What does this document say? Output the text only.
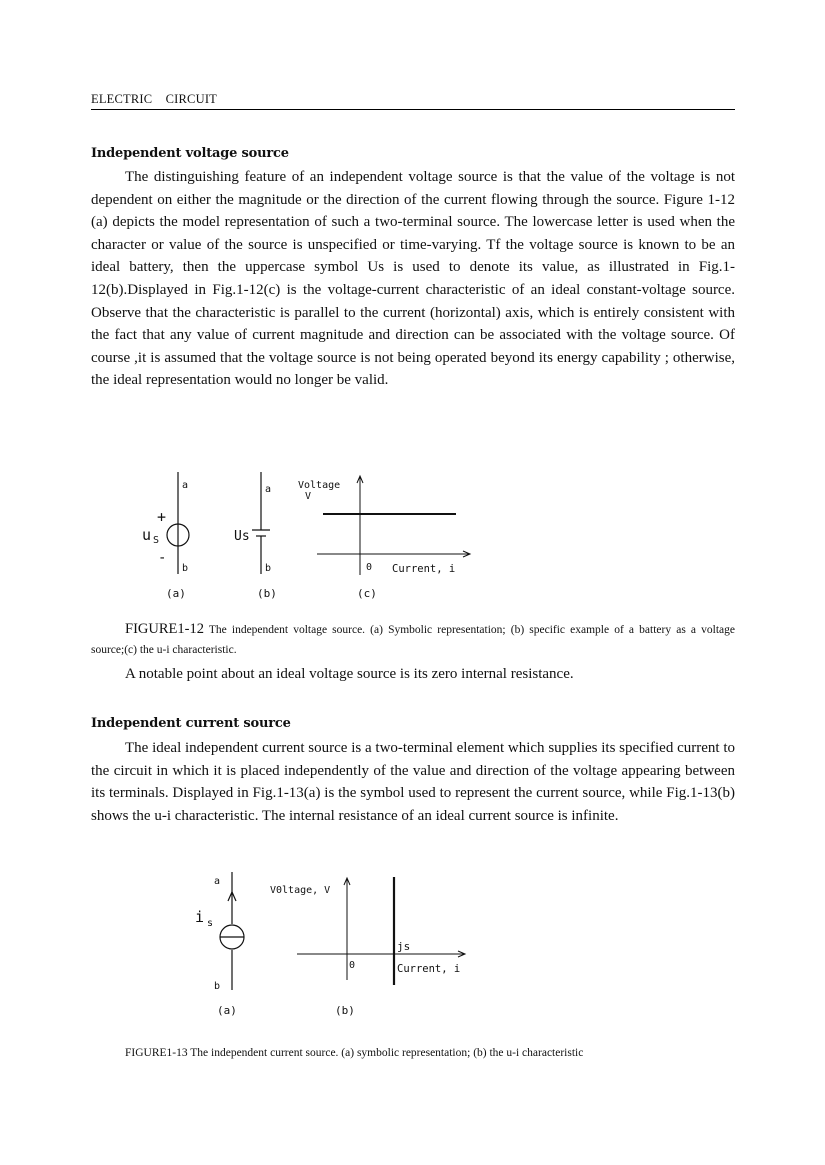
ELECTRIC    CIRCUIT
Independent voltage source
The distinguishing feature of an independent voltage source is that the value of the voltage is not dependent on either the magnitude or the direction of the current flowing through the source. Figure 1-12 (a) depicts the model representation of such a two-terminal source. The lowercase letter is used when the character or value of the source is unspecified or time-varying. Tf the voltage source is known to be an ideal battery, then the uppercase symbol Us is used to denote its value, as illustrated in Fig.1-12(b).Displayed in Fig.1-12(c) is the voltage-current characteristic of an ideal constant-voltage source. Observe that the characteristic is parallel to the current (horizontal) axis, which is entirely consistent with the fact that any value of current magnitude and direction can be associated with the voltage source. Of course ,it is assumed that the voltage source is not being operated beyond its energy capability ; otherwise, the ideal representation would no longer be valid.
a
b
+
-
u S
(a)
a
b
Us
(b)
Voltage
V
0 Current, i
(c)
FIGURE1-12 The independent voltage source. (a) Symbolic representation; (b) specific example of a battery as a voltage source;(c) the u-i characteristic.
A notable point about an ideal voltage source is its zero internal resistance.
Independent current source
The ideal independent current source is a two-terminal element which supplies its specified current to the circuit in which it is placed independently of the value and direction of the voltage appearing between its terminals. Displayed in Fig.1-13(a) is the symbol used to represent the current source, while Fig.1-13(b) shows the u-i characteristic. The internal resistance of an ideal current source is infinite.
a
b
i s
(a)
V0ltage, V
0
js
Current, i
(b)
FIGURE1-13 The independent current source. (a) symbolic representation; (b) the u-i characteristic
